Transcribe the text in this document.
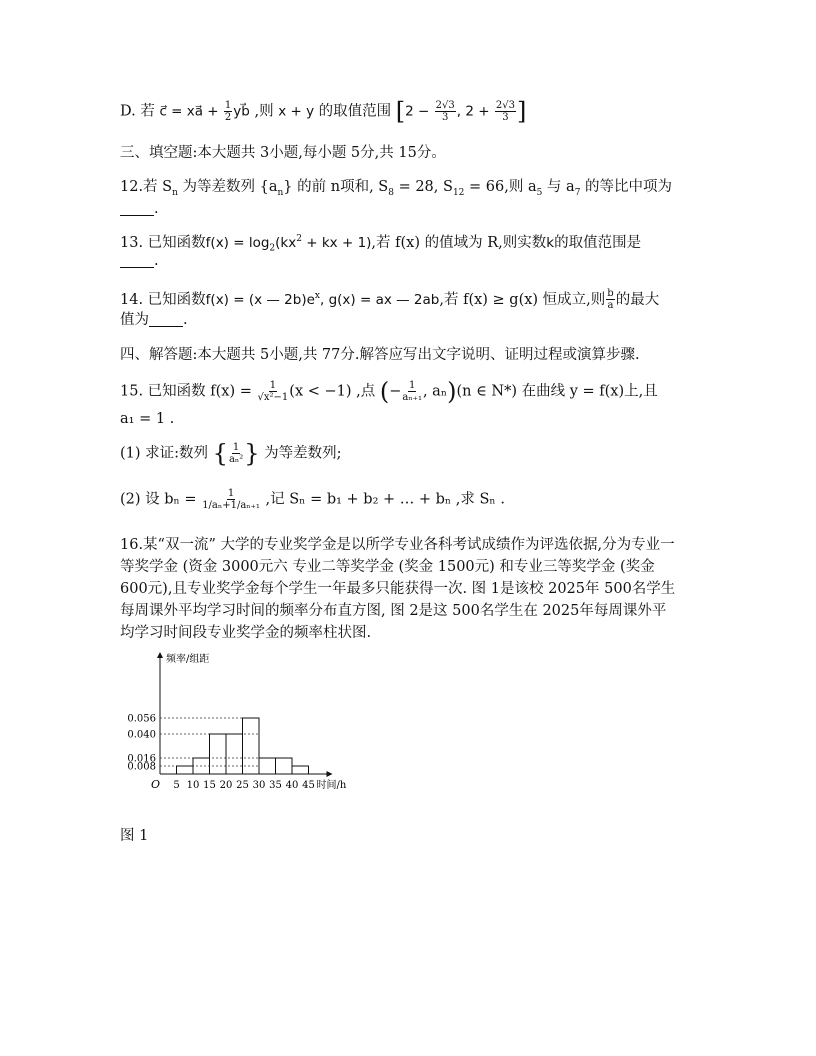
D. 若 c⃗ = xa⃗ + $\frac{1}{2}$ yb⃗ ,则 x + y 的取值范围 [$2 - \frac{2√3}{3}$ , $2 + \frac{2√3}{3}$ ]
三、填空题:本大题共 3小题,每小题 5分,共 15分。
12.若 $S_n$ 为等差数列 $\{a_n\}$ 的前 n项和, $S_8 = 28$, $S_{12} = 66$,则 $a_5$ 与 $a_7$ 的等比中项为
.
13. 已知函数$f(x) = \log_2(kx^2$ + kx + 1),若 f(x) 的值域为 R,则实数k的取值范围是
.
14. 已知函数f(x) = (x — $2b)e^x$, g(x) = ax — 2ab,若 f(x) ≥ g(x) 恒成立,则 $\frac{b}{a}$ 的最大
值为 .
四、解答题:本大题共 5小题,共 77分.解答应写出文字说明、证明过程或演算步骤.
15. 已知函数 $f(x) = \frac{1}{\text{√x²−1}} (x < -1)$ ,点 (− $\frac{1}{\text{aₙ₊₁}}$ , aₙ)(n ∈ N*) 在曲线 y = f(x)上,且
a₁ = 1 .
(1) 求证:数列 { $\frac{1}{\text{aₙ²}}$ } 为等差数列;
(2) 设 $b_n = \frac{1}{\text{1/aₙ+1/aₙ₊₁}}$ ,记 Sₙ = b₁ + b₂ + … + bₙ ,求 Sₙ .
16.某“双一流” 大学的专业奖学金是以所学专业各科考试成绩作为评选依据,分为专业一等奖学金 (资金 3000元六 专业二等奖学金 (奖金 1500元) 和专业三等奖学金 (奖金 600元),且专业奖学金每个学生一年最多只能获得一次. 图 1是该校 2025年 500名学生每周课外平均学习时间的频率分布直方图, 图 2是这 500名学生在 2025年每周课外平均学习时间段专业奖学金的频率柱状图.
频率/组距
时间/h
O
0.056
0.040
0.016
0.008
5 10 15 20 25 30 35 40 45
图 1
